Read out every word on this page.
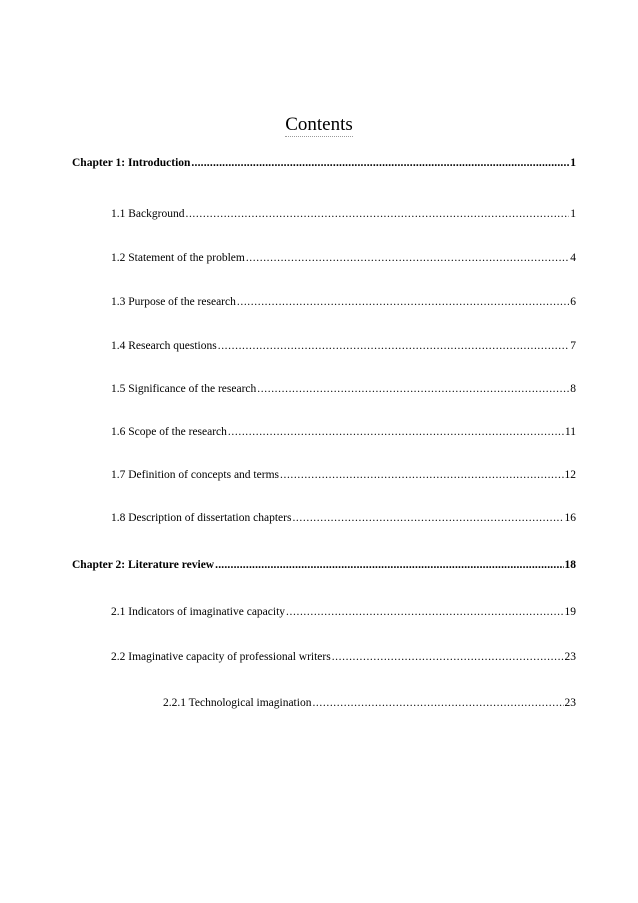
Contents
Chapter 1: Introduction .....	1
1.1 Background .....	1
1.2 Statement of the problem .....	4
1.3 Purpose of the research .....	6
1.4 Research questions .....	7
1.5 Significance of the research .....	8
1.6 Scope of the research .....	11
1.7 Definition of concepts and terms .....	12
1.8 Description of dissertation chapters .....	16
Chapter 2: Literature review .....	18
2.1 Indicators of imaginative capacity .....	19
2.2 Imaginative capacity of professional writers .....	23
2.2.1 Technological imagination .....	23
